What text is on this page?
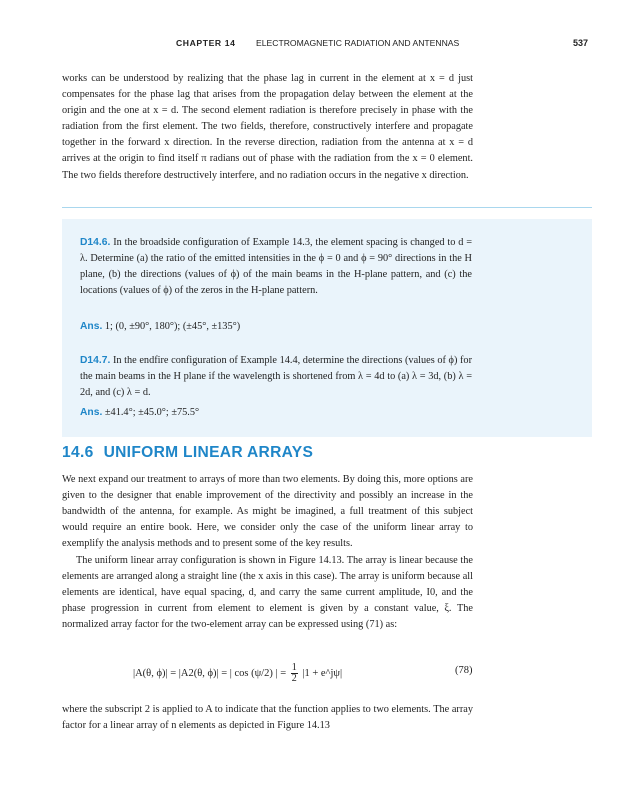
CHAPTER 14 ELECTROMAGNETIC RADIATION AND ANTENNAS	537
works can be understood by realizing that the phase lag in current in the element at x = d just compensates for the phase lag that arises from the propagation delay between the element at the origin and the one at x = d. The second element radiation is therefore precisely in phase with the radiation from the first element. The two fields, therefore, constructively interfere and propagate together in the forward x direction. In the reverse direction, radiation from the antenna at x = d arrives at the origin to find itself π radians out of phase with the radiation from the x = 0 element. The two fields therefore destructively interfere, and no radiation occurs in the negative x direction.
D14.6. In the broadside configuration of Example 14.3, the element spacing is changed to d = λ. Determine (a) the ratio of the emitted intensities in the ϕ = 0 and ϕ = 90° directions in the H plane, (b) the directions (values of ϕ) of the main beams in the H-plane pattern, and (c) the locations (values of ϕ) of the zeros in the H-plane pattern.
Ans. 1; (0, ±90°, 180°); (±45°, ±135°)
D14.7. In the endfire configuration of Example 14.4, determine the directions (values of ϕ) for the main beams in the H plane if the wavelength is shortened from λ = 4d to (a) λ = 3d, (b) λ = 2d, and (c) λ = d.
Ans. ±41.4°; ±45.0°; ±75.5°
14.6 UNIFORM LINEAR ARRAYS
We next expand our treatment to arrays of more than two elements. By doing this, more options are given to the designer that enable improvement of the directivity and possibly an increase in the bandwidth of the antenna, for example. As might be imagined, a full treatment of this subject would require an entire book. Here, we consider only the case of the uniform linear array to exemplify the analysis methods and to present some of the key results.
The uniform linear array configuration is shown in Figure 14.13. The array is linear because the elements are arranged along a straight line (the x axis in this case). The array is uniform because all elements are identical, have equal spacing, d, and carry the same current amplitude, I0, and the phase progression in current from element to element is given by a constant value, ξ. The normalized array factor for the two-element array can be expressed using (71) as:
|A(θ, ϕ)| = |A2(θ, ϕ)| = | cos (ψ/2) | = $\frac{1}{2} |1$ + e^jψ|	(78)
where the subscript 2 is applied to A to indicate that the function applies to two elements. The array factor for a linear array of n elements as depicted in Figure 14.13
